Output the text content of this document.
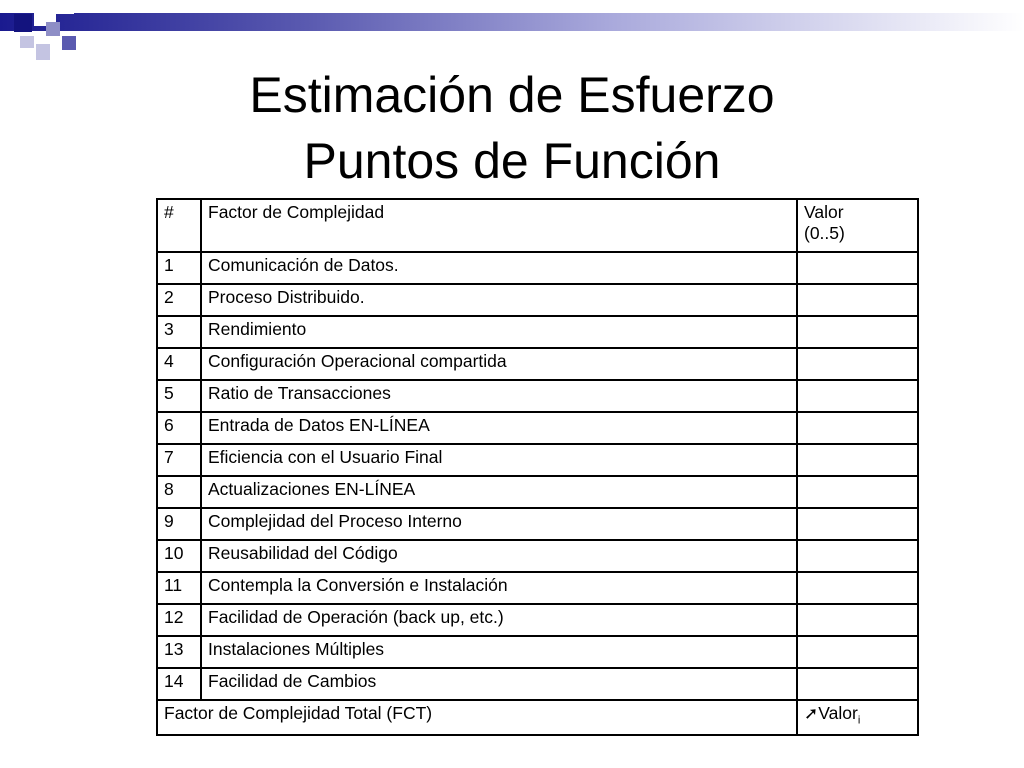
Estimación de Esfuerzo
Puntos de Función
#	Factor de Complejidad	Valor
(0..5)

1	Comunicación de Datos.	
2	Proceso Distribuido.	
3	Rendimiento	
4	Configuración Operacional compartida	
5	Ratio de Transacciones	
6	Entrada de Datos EN-LÍNEA	
7	Eficiencia con el Usuario Final	
8	Actualizaciones EN-LÍNEA	
9	Complejidad del Proceso Interno	
10	Reusabilidad del Código	
11	Contempla la Conversión e Instalación	
12	Facilidad de Operación (back up, etc.)	
13	Instalaciones Múltiples	
14	Facilidad de Cambios	
Factor de Complejidad Total (FCT)		➚Valor$_i$
